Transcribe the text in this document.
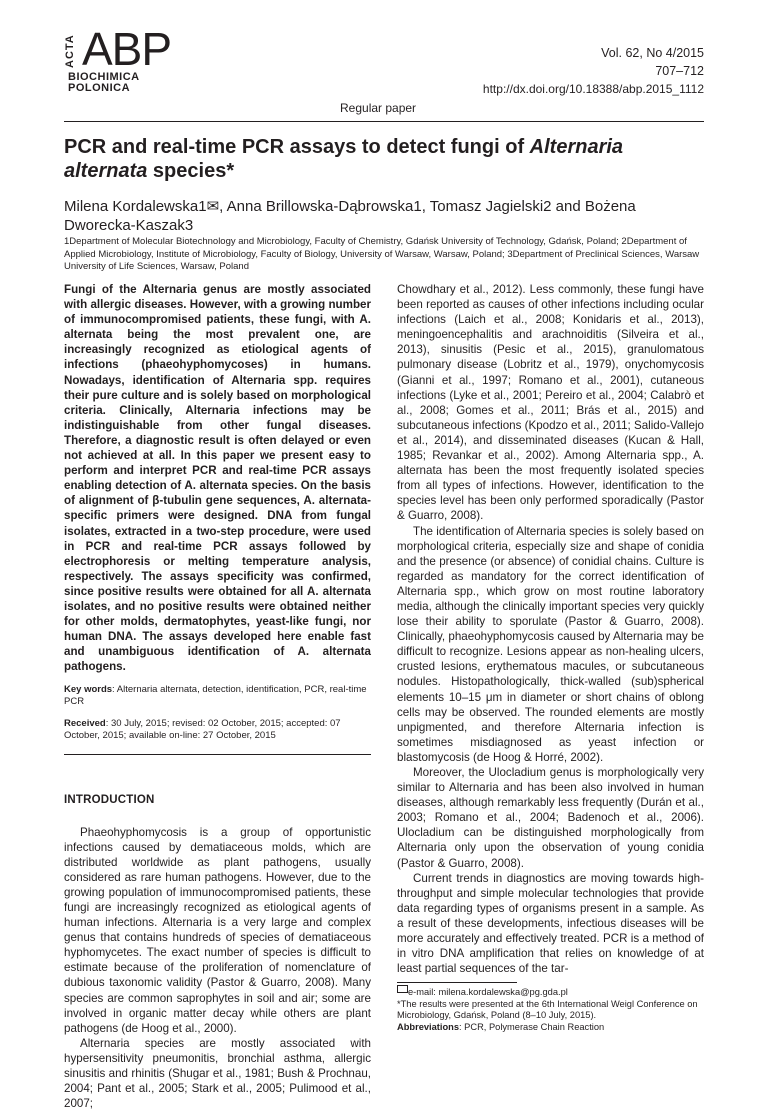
ACTA ABP
BIOCHIMICA
POLONICA
Vol. 62, No 4/2015
707–712
http://dx.doi.org/10.18388/abp.2015_1112
Regular paper
PCR and real-time PCR assays to detect fungi of Alternaria alternata species*
Milena Kordalewska1✉, Anna Brillowska-Dąbrowska1, Tomasz Jagielski2 and Bożena Dworecka-Kaszak3
1Department of Molecular Biotechnology and Microbiology, Faculty of Chemistry, Gdańsk University of Technology, Gdańsk, Poland; 2Department of Applied Microbiology, Institute of Microbiology, Faculty of Biology, University of Warsaw, Warsaw, Poland; 3Department of Preclinical Sciences, Warsaw University of Life Sciences, Warsaw, Poland
Fungi of the Alternaria genus are mostly associated with allergic diseases. However, with a growing number of immunocompromised patients, these fungi, with A. alternata being the most prevalent one, are increasingly recognized as etiological agents of infections (phaeohyphomycoses) in humans. Nowadays, identification of Alternaria spp. requires their pure culture and is solely based on morphological criteria. Clinically, Alternaria infections may be indistinguishable from other fungal diseases. Therefore, a diagnostic result is often delayed or even not achieved at all. In this paper we present easy to perform and interpret PCR and real-time PCR assays enabling detection of A. alternata species. On the basis of alignment of β-tubulin gene sequences, A. alternata-specific primers were designed. DNA from fungal isolates, extracted in a two-step procedure, were used in PCR and real-time PCR assays followed by electrophoresis or melting temperature analysis, respectively. The assays specificity was confirmed, since positive results were obtained for all A. alternata isolates, and no positive results were obtained neither for other molds, dermatophytes, yeast-like fungi, nor human DNA. The assays developed here enable fast and unambiguous identification of A. alternata pathogens.
Key words: Alternaria alternata, detection, identification, PCR, real-time PCR
Received: 30 July, 2015; revised: 02 October, 2015; accepted: 07 October, 2015; available on-line: 27 October, 2015
INTRODUCTION

Phaeohyphomycosis is a group of opportunistic infections caused by dematiaceous molds, which are distributed worldwide as plant pathogens, usually considered as rare human pathogens. However, due to the growing population of immunocompromised patients, these fungi are increasingly recognized as etiological agents of human infections. Alternaria is a very large and complex genus that contains hundreds of species of dematiaceous hyphomycetes. The exact number of species is difficult to estimate because of the proliferation of nomenclature of dubious taxonomic validity (Pastor & Guarro, 2008). Many species are common saprophytes in soil and air; some are involved in organic matter decay while others are plant pathogens (de Hoog et al., 2000).

Alternaria species are mostly associated with hypersensitivity pneumonitis, bronchial asthma, allergic sinusitis and rhinitis (Shugar et al., 1981; Bush & Prochnau, 2004; Pant et al., 2005; Stark et al., 2005; Pulimood et al., 2007;

Chowdhary et al., 2012). Less commonly, these fungi have been reported as causes of other infections including ocular infections (Laich et al., 2008; Konidaris et al., 2013), meningoencephalitis and arachnoiditis (Silveira et al., 2013), sinusitis (Pesic et al., 2015), granulomatous pulmonary disease (Lobritz et al., 1979), onychomycosis (Gianni et al., 1997; Romano et al., 2001), cutaneous infections (Lyke et al., 2001; Pereiro et al., 2004; Calabrò et al., 2008; Gomes et al., 2011; Brás et al., 2015) and subcutaneous infections (Kpodzo et al., 2011; Salido-Vallejo et al., 2014), and disseminated diseases (Kucan & Hall, 1985; Revankar et al., 2002). Among Alternaria spp., A. alternata has been the most frequently isolated species from all types of infections. However, identification to the species level has been only performed sporadically (Pastor & Guarro, 2008).

The identification of Alternaria species is solely based on morphological criteria, especially size and shape of conidia and the presence (or absence) of conidial chains. Culture is regarded as mandatory for the correct identification of Alternaria spp., which grow on most routine laboratory media, although the clinically important species very quickly lose their ability to sporulate (Pastor & Guarro, 2008). Clinically, phaeohyphomycosis caused by Alternaria may be difficult to recognize. Lesions appear as non-healing ulcers, crusted lesions, erythematous macules, or subcutaneous nodules. Histopathologically, thick-walled (sub)spherical elements 10–15 μm in diameter or short chains of oblong cells may be observed. The rounded elements are mostly unpigmented, and therefore Alternaria infection is sometimes misdiagnosed as yeast infection or blastomycosis (de Hoog & Horré, 2002).

Moreover, the Ulocladium genus is morphologically very similar to Alternaria and has been also involved in human diseases, although remarkably less frequently (Durán et al., 2003; Romano et al., 2004; Badenoch et al., 2006). Ulocladium can be distinguished morphologically from Alternaria only upon the observation of young conidia (Pastor & Guarro, 2008).

Current trends in diagnostics are moving towards high-throughput and simple molecular technologies that provide data regarding types of organisms present in a sample. As a result of these developments, infectious diseases will be more accurately and effectively treated. PCR is a method of in vitro DNA amplification that relies on knowledge of at least partial sequences of the tar-

e-mail: milena.kordalewska@pg.gda.pl
*The results were presented at the 6th International Weigl Conference on Microbiology, Gdańsk, Poland (8–10 July, 2015).
Abbreviations: PCR, Polymerase Chain Reaction
